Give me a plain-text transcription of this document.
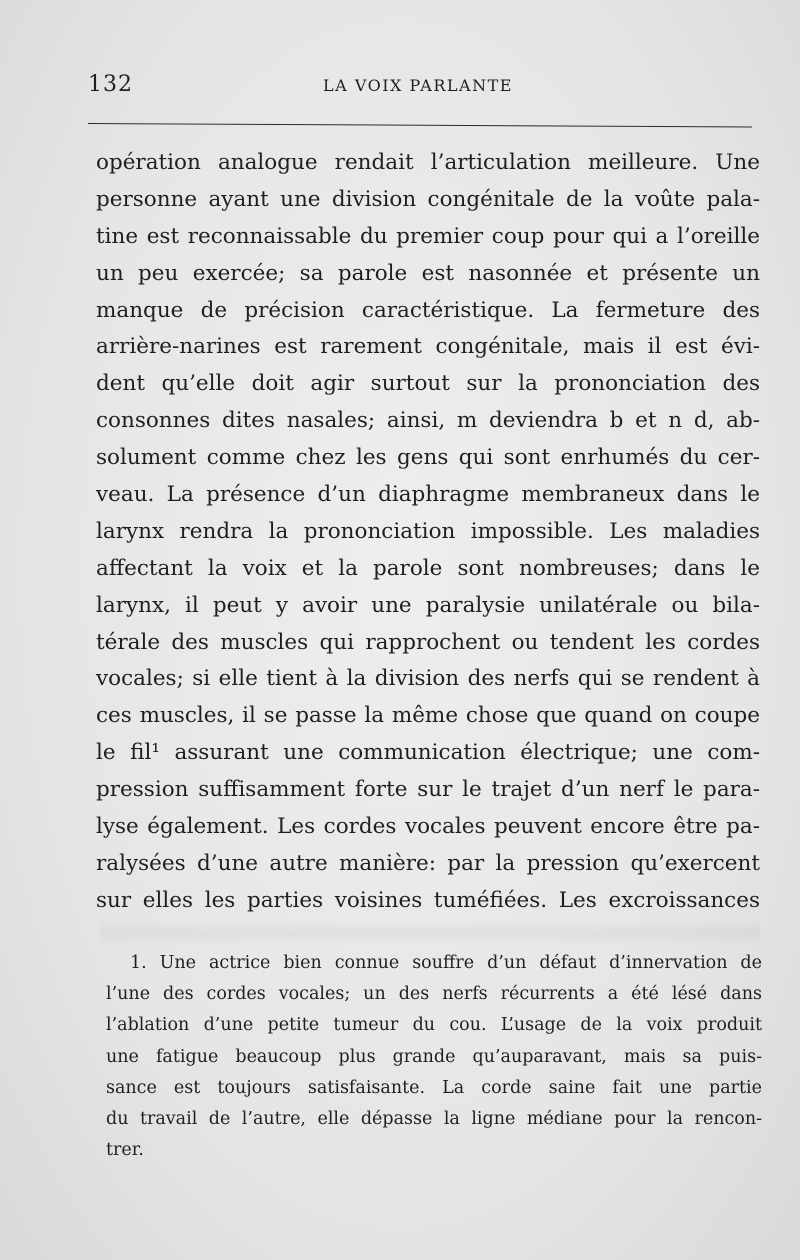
132	LA VOIX PARLANTE
opération analogue rendait l’articulation meilleure. Une
personne ayant une division congénitale de la voûte pala-
tine est reconnaissable du premier coup pour qui a l’oreille
un peu exercée; sa parole est nasonnée et présente un
manque de précision caractéristique. La fermeture des
arrière-narines est rarement congénitale, mais il est évi-
dent qu’elle doit agir surtout sur la prononciation des
consonnes dites nasales; ainsi, m deviendra b et n d, ab-
solument comme chez les gens qui sont enrhumés du cer-
veau. La présence d’un diaphragme membraneux dans le
larynx rendra la prononciation impossible. Les maladies
affectant la voix et la parole sont nombreuses; dans le
larynx, il peut y avoir une paralysie unilatérale ou bila-
térale des muscles qui rapprochent ou tendent les cordes
vocales; si elle tient à la division des nerfs qui se rendent à
ces muscles, il se passe la même chose que quand on coupe
le fil¹ assurant une communication électrique; une com-
pression suffisamment forte sur le trajet d’un nerf le para-
lyse également. Les cordes vocales peuvent encore être pa-
ralysées d’une autre manière: par la pression qu’exercent
sur elles les parties voisines tuméfiées. Les excroissances
1. Une actrice bien connue souffre d’un défaut d’innervation de
l’une des cordes vocales; un des nerfs récurrents a été lésé dans
l’ablation d’une petite tumeur du cou. L’usage de la voix produit
une fatigue beaucoup plus grande qu’auparavant, mais sa puis-
sance est toujours satisfaisante. La corde saine fait une partie
du travail de l’autre, elle dépasse la ligne médiane pour la rencon-
trer.
